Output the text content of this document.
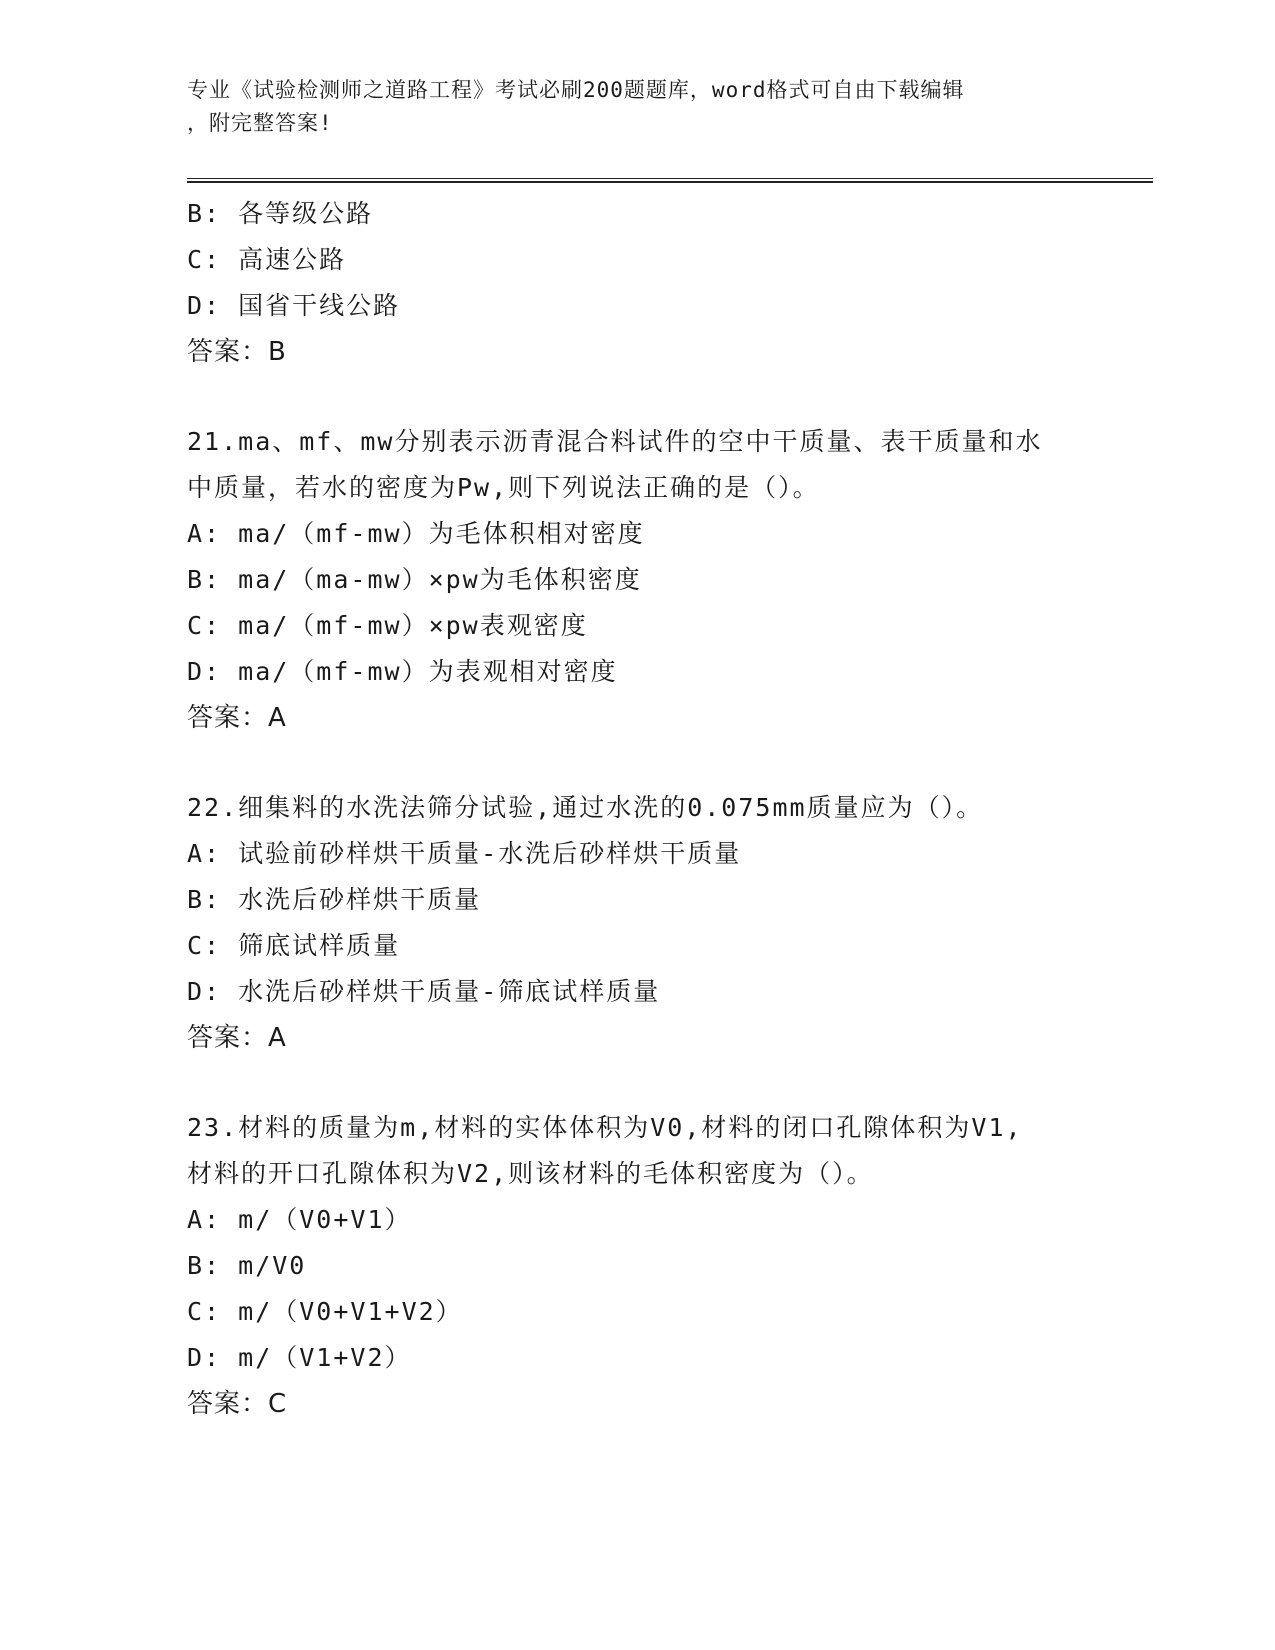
专业《试验检测师之道路工程》考试必刷200题题库，word格式可自由下载编辑

，附完整答案!

B: 各等级公路

C: 高速公路

D: 国省干线公路

答案：B

21.ma、mf、mw分别表示沥青混合料试件的空中干质量、表干质量和水

中质量，若水的密度为Pw,则下列说法正确的是（）。

A: ma/（mf-mw）为毛体积相对密度

B: ma/（ma-mw）×pw为毛体积密度

C: ma/（mf-mw）×pw表观密度

D: ma/（mf-mw）为表观相对密度

答案：A

22.细集料的水洗法筛分试验,通过水洗的0.075mm质量应为（）。

A: 试验前砂样烘干质量-水洗后砂样烘干质量

B: 水洗后砂样烘干质量

C: 筛底试样质量

D: 水洗后砂样烘干质量-筛底试样质量

答案：A

23.材料的质量为m,材料的实体体积为V0,材料的闭口孔隙体积为V1,

材料的开口孔隙体积为V2,则该材料的毛体积密度为（）。

A: m/（V0+V1）

B: m/V0

C: m/（V0+V1+V2）

D: m/（V1+V2）

答案：C
